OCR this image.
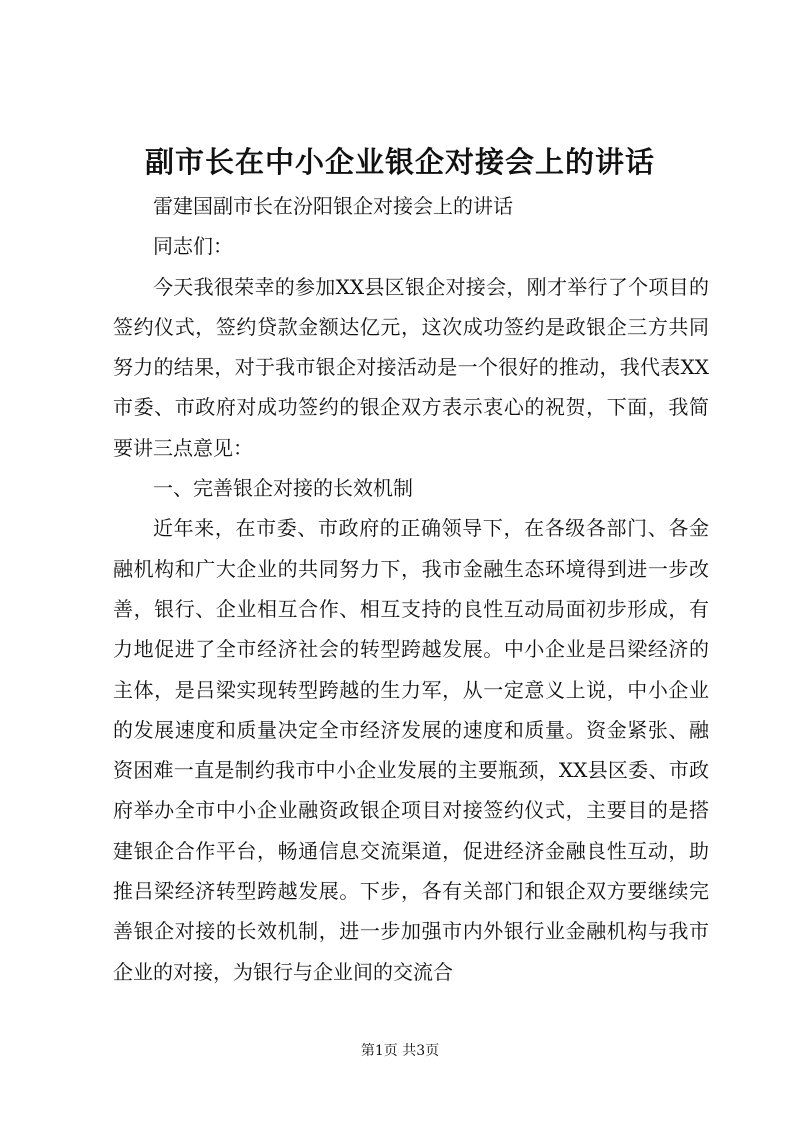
副市长在中小企业银企对接会上的讲话

雷建国副市长在汾阳银企对接会上的讲话

同志们：

今天我很荣幸的参加XX县区银企对接会，刚才举行了个项目的签约仪式，签约贷款金额达亿元，这次成功签约是政银企三方共同努力的结果，对于我市银企对接活动是一个很好的推动，我代表XX市委、市政府对成功签约的银企双方表示衷心的祝贺，下面，我简要讲三点意见：

一、完善银企对接的长效机制

近年来，在市委、市政府的正确领导下，在各级各部门、各金融机构和广大企业的共同努力下，我市金融生态环境得到进一步改善，银行、企业相互合作、相互支持的良性互动局面初步形成，有力地促进了全市经济社会的转型跨越发展。中小企业是吕梁经济的主体，是吕梁实现转型跨越的生力军，从一定意义上说，中小企业的发展速度和质量决定全市经济发展的速度和质量。资金紧张、融资困难一直是制约我市中小企业发展的主要瓶颈，XX县区委、市政府举办全市中小企业融资政银企项目对接签约仪式，主要目的是搭建银企合作平台，畅通信息交流渠道，促进经济金融良性互动，助推吕梁经济转型跨越发展。下步，各有关部门和银企双方要继续完善银企对接的长效机制，进一步加强市内外银行业金融机构与我市企业的对接，为银行与企业间的交流合

第1页 共3页
